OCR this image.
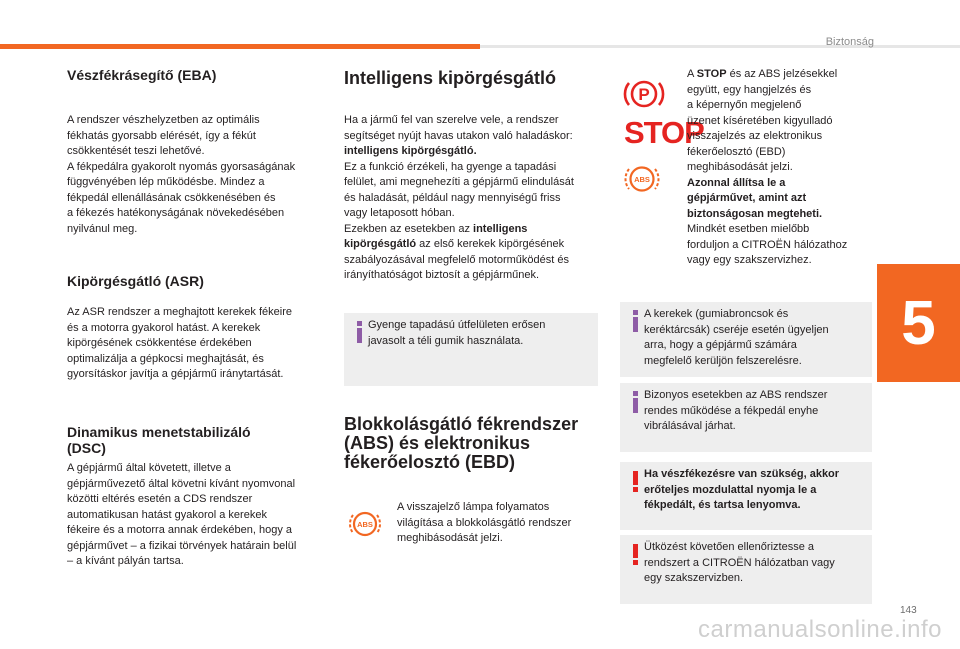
Biztonság
5
143
carmanualsonline.info
Vészfékrásegítő (EBA)
A rendszer vészhelyzetben az optimális
fékhatás gyorsabb elérését, így a fékút
csökkentését teszi lehetővé.
A fékpedálra gyakorolt nyomás gyorsaságának
függvényében lép működésbe. Mindez a
fékpedál ellenállásának csökkenésében és
a fékezés hatékonyságának növekedésében
nyilvánul meg.
Kipörgésgátló (ASR)
Az ASR rendszer a meghajtott kerekek fékeire
és a motorra gyakorol hatást. A kerekek
kipörgésének csökkentése érdekében
optimalizálja a gépkocsi meghajtását, és
gyorsításkor javítja a gépjármű iránytartását.
Dinamikus menetstabilizáló
(DSC)
A gépjármű által követett, illetve a
gépjárművezető által követni kívánt nyomvonal
közötti eltérés esetén a CDS rendszer
automatikusan hatást gyakorol a kerekek
fékeire és a motorra annak érdekében, hogy a
gépjárművet – a fizikai törvények határain belül
– a kívánt pályán tartsa.
Intelligens kipörgésgátló
Ha a jármű fel van szerelve vele, a rendszer
segítséget nyújt havas utakon való haladáskor:
intelligens kipörgésgátló.
Ez a funkció érzékeli, ha gyenge a tapadási
felület, ami megnehezíti a gépjármű elindulását
és haladását, például nagy mennyiségű friss
vagy letaposott hóban.
Ezekben az esetekben az intelligens
kipörgésgátló az első kerekek kipörgésének
szabályozásával megfelelő motorműködést és
irányíthatóságot biztosít a gépjárműnek.
Gyenge tapadású útfelületen erősen
javasolt a téli gumik használata.
Blokkolásgátló fékrendszer
(ABS) és elektronikus
fékerőelosztó (EBD)
ABS
A visszajelző lámpa folyamatos
világítása a blokkolásgátló rendszer
meghibásodását jelzi.
P
STOP
ABS
A STOP és az ABS jelzésekkel
együtt, egy hangjelzés és
a képernyőn megjelenő
üzenet kíséretében kigyulladó
visszajelzés az elektronikus
fékerőelosztó (EBD)
meghibásodását jelzi.
Azonnal állítsa le a
gépjárművet, amint azt
biztonságosan megteheti.
Mindkét esetben mielőbb
forduljon a CITROËN hálózathoz
vagy egy szakszervizhez.
A kerekek (gumiabroncsok és
keréktárcsák) cseréje esetén ügyeljen
arra, hogy a gépjármű számára
megfelelő kerüljön felszerelésre.
Bizonyos esetekben az ABS rendszer
rendes működése a fékpedál enyhe
vibrálásával járhat.
Ha vészfékezésre van szükség, akkor
erőteljes mozdulattal nyomja le a
fékpedált, és tartsa lenyomva.
Ütközést követően ellenőriztesse a
rendszert a CITROËN hálózatban vagy
egy szakszervizben.
